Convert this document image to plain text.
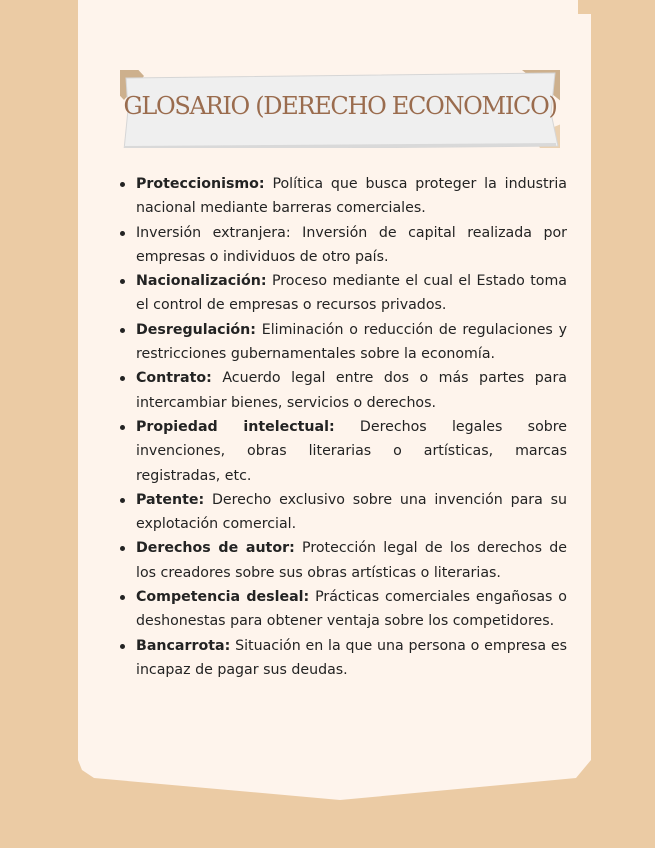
GLOSARIO (DERECHO ECONOMICO)
Proteccionismo: Política que busca proteger la industria nacional mediante barreras comerciales.
Inversión extranjera: Inversión de capital realizada por empresas o individuos de otro país.
Nacionalización: Proceso mediante el cual el Estado toma el control de empresas o recursos privados.
Desregulación: Eliminación o reducción de regulaciones y restricciones gubernamentales sobre la economía.
Contrato: Acuerdo legal entre dos o más partes para intercambiar bienes, servicios o derechos.
Propiedad intelectual: Derechos legales sobre invenciones, obras literarias o artísticas, marcas registradas, etc.
Patente: Derecho exclusivo sobre una invención para su explotación comercial.
Derechos de autor: Protección legal de los derechos de los creadores sobre sus obras artísticas o literarias.
Competencia desleal: Prácticas comerciales engañosas o deshonestas para obtener ventaja sobre los competidores.
Bancarrota: Situación en la que una persona o empresa es incapaz de pagar sus deudas.
